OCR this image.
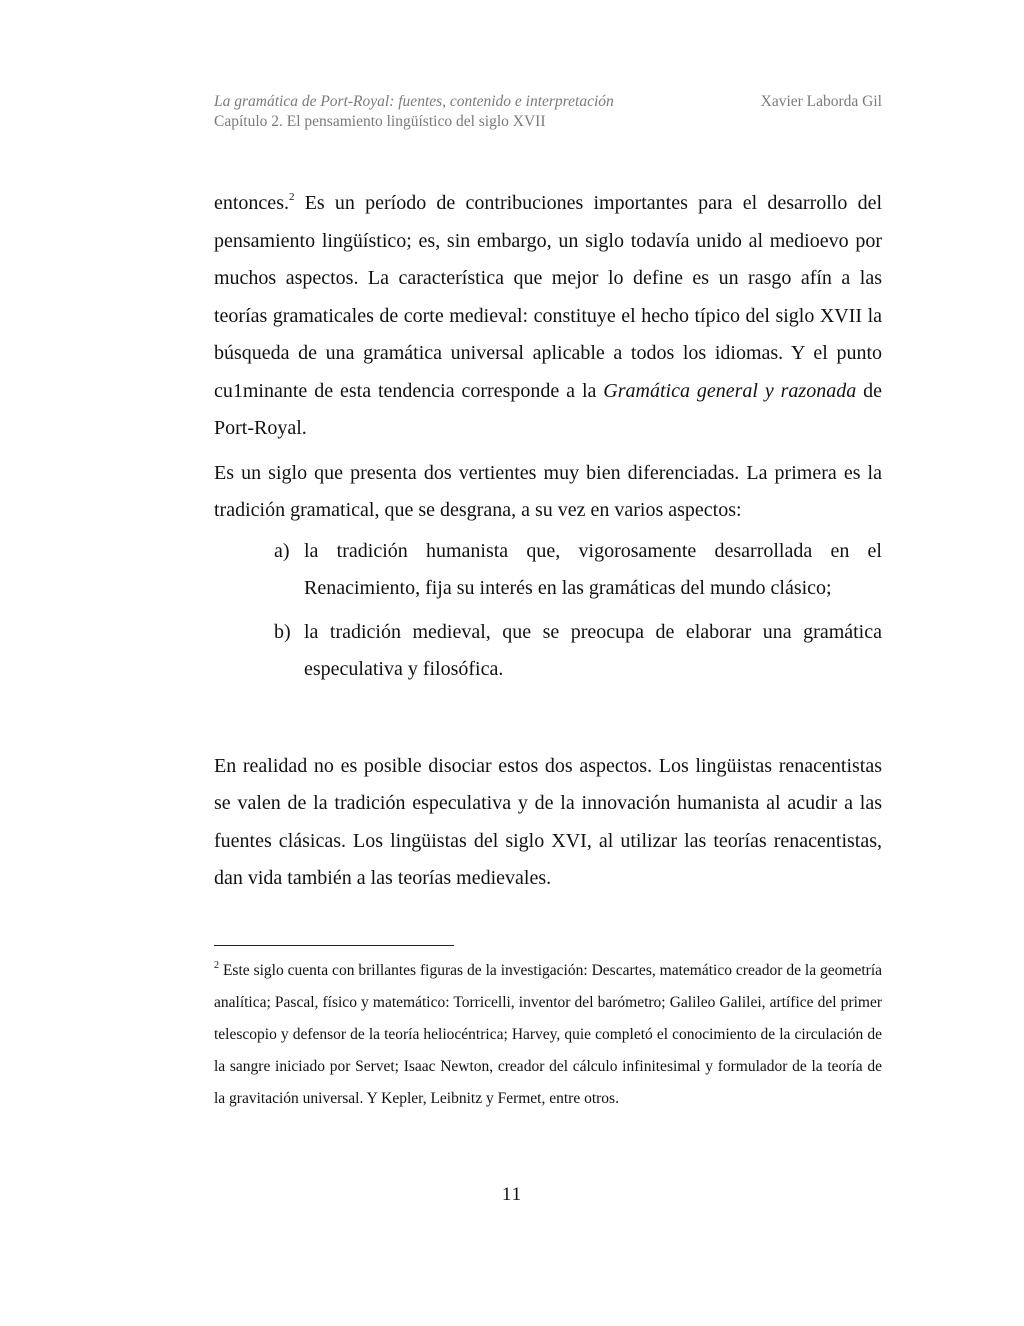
La gramática de Port-Royal: fuentes, contenido e interpretación	Xavier Laborda Gil
Capítulo 2. El pensamiento lingüístico del siglo XVII

entonces.$^2$ Es un período de contribuciones importantes para el desarrollo del pensamiento lingüístico; es, sin embargo, un siglo todavía unido al medioevo por muchos aspectos. La característica que mejor lo define es un rasgo afín a las teorías gramaticales de corte medieval: constituye el hecho típico del siglo XVII la búsqueda de una gramática universal aplicable a todos los idiomas. Y el punto cu1minante de esta tendencia corresponde a la Gramática general y razonada de Port-Royal.

Es un siglo que presenta dos vertientes muy bien diferenciadas. La primera es la tradición gramatical, que se desgrana, a su vez en varios aspectos:

a) la tradición humanista que, vigorosamente desarrollada en el Renacimiento, fija su interés en las gramáticas del mundo clásico;
b) la tradición medieval, que se preocupa de elaborar una gramática especulativa y filosófica.

En realidad no es posible disociar estos dos aspectos. Los lingüistas renacentistas se valen de la tradición especulativa y de la innovación humanista al acudir a las fuentes clásicas. Los lingüistas del siglo XVI, al utilizar las teorías renacentistas, dan vida también a las teorías medievales.

$^2$ Este siglo cuenta con brillantes figuras de la investigación: Descartes, matemático creador de la geometría analítica; Pascal, físico y matemático: Torricelli, inventor del barómetro; Galileo Galilei, artífice del primer telescopio y defensor de la teoría heliocéntrica; Harvey, quie completó el conocimiento de la circulación de la sangre iniciado por Servet; Isaac Newton, creador del cálculo infinitesimal y formulador de la teoría de la gravitación universal. Y Kepler, Leibnitz y Fermet, entre otros.

11
